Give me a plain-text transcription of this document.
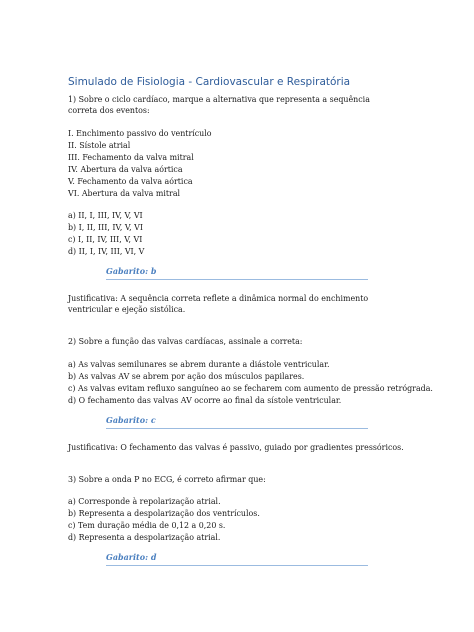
Simulado de Fisiologia - Cardiovascular e Respiratória
1) Sobre o ciclo cardíaco, marque a alternativa que representa a sequência correta dos eventos:
I. Enchimento passivo do ventrículo
II. Sístole atrial
III. Fechamento da valva mitral
IV. Abertura da valva aórtica
V. Fechamento da valva aórtica
VI. Abertura da valva mitral
a) II, I, III, IV, V, VI
b) I, II, III, IV, V, VI
c) I, II, IV, III, V, VI
d) II, I, IV, III, VI, V
Gabarito: b
Justificativa: A sequência correta reflete a dinâmica normal do enchimento ventricular e ejeção sistólica.
2) Sobre a função das valvas cardíacas, assinale a correta:
a) As valvas semilunares se abrem durante a diástole ventricular.
b) As valvas AV se abrem por ação dos músculos papilares.
c) As valvas evitam refluxo sanguíneo ao se fecharem com aumento de pressão retrógrada.
d) O fechamento das valvas AV ocorre ao final da sístole ventricular.
Gabarito: c
Justificativa: O fechamento das valvas é passivo, guiado por gradientes pressóricos.
3) Sobre a onda P no ECG, é correto afirmar que:
a) Corresponde à repolarização atrial.
b) Representa a despolarização dos ventrículos.
c) Tem duração média de 0,12 a 0,20 s.
d) Representa a despolarização atrial.
Gabarito: d
